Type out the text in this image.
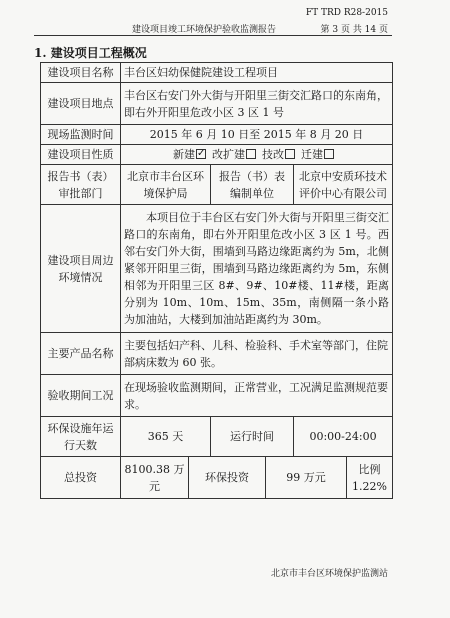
FT TRD R28-2015
建设项目竣工环境保护验收监测报告	第 3 页 共 14 页
1. 建设项目工程概况
建设项目名称	丰台区妇幼保健院建设工程项目					
建设项目地点	丰台区右安门外大街与开阳里三街交汇路口的东南角，即右外开阳里危改小区 3 区 1 号					
现场监测时间	2015 年 6 月 10 日至 2015 年 8 月 20 日					
建设项目性质	新建 ✓ 改扩建 技改 迁建					
报告书（表）审批部门	北京市丰台区环境保护局		报告（书）表编制单位		北京中安质环技术评价中心有限公司	
建设项目周边环境情况	本项目位于丰台区右安门外大街与开阳里三街交汇路口的东南角，即右外开阳里危改小区 3 区 1 号。西邻右安门外大街，围墙到马路边缘距离约为 5m，北侧紧邻开阳里三街，围墙到马路边缘距离约为 5m，东侧相邻为开阳里三区 8#、9#、10#楼、11#楼，距离分别为 10m、10m、15m、35m，南侧隔一条小路为加油站，大楼到加油站距离约为 30m。					
主要产品名称	主要包括妇产科、儿科、检验科、手术室等部门，住院部病床数为 60 张。					
验收期间工况	在现场验收监测期间，正常营业，工况满足监测规范要求。					
环保设施年运行天数	365 天		运行时间		00:00-24:00	
总投资	8100.38 万元	环保投资		99 万元		比例 1.22%
北京市丰台区环境保护监测站
